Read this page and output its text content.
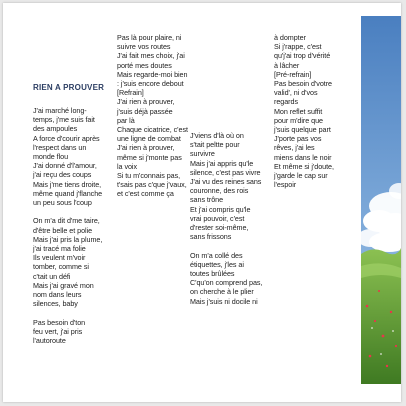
RIEN A PROUVER
J'ai marché long-
temps, j'me suis fait
des ampoules
A force d'courir après
l'respect dans un
monde flou
J'ai donné d'l'amour,
j'ai reçu des coups
Mais j'me tiens droite,
même quand j'flanche
un peu sous l'coup
On m'a dit d'me taire,
d'être belle et polie
Mais j'ai pris la plume,
j'ai tracé ma folie
Ils veulent m'voir
tomber, comme si
c'tait un défi
Mais j'ai gravé mon
nom dans leurs
silences, baby
Pas besoin d'ton
feu vert, j'ai pris
l'autoroute
Pas là pour plaire, ni
suivre vos routes
J'ai fait mes choix, j'ai
porté mes doutes
Mais regarde-moi bien
: j'suis encore debout
[Refrain]
J'ai rien à prouver,
j'suis déjà passée
par là
Chaque cicatrice, c'est
une ligne de combat
J'ai rien à prouver,
même si j'monte pas
la voix
Si tu m'connais pas,
t'sais pas c'que j'vaux,
et c'est comme ça
J'viens d'là où on
s'tait peltte pour
survivre
Mais j'ai appris qu'le
silence, c'est pas vivre
J'ai vu des reines sans
couronne, des rois
sans trône
Et j'ai compris qu'le
vrai pouvoir, c'est
d'rester soi-même,
sans frissons
On m'a collé des
étiquettes, j'les ai
toutes brûlées
C'qu'on comprend pas,
on cherche à le plier
Mais j'suis ni docile ni
à dompter
Si j'rappe, c'est
qu'j'ai trop d'vérité
à lâcher
[Pré-refrain]
Pas besoin d'votre
valid', ni d'vos
regards
Mon reflet suffit
pour m'dire que
j'suis quelque part
J'porte pas vos
rêves, j'ai les
miens dans le noir
Et même si j'doute,
j'garde le cap sur
l'espoir
